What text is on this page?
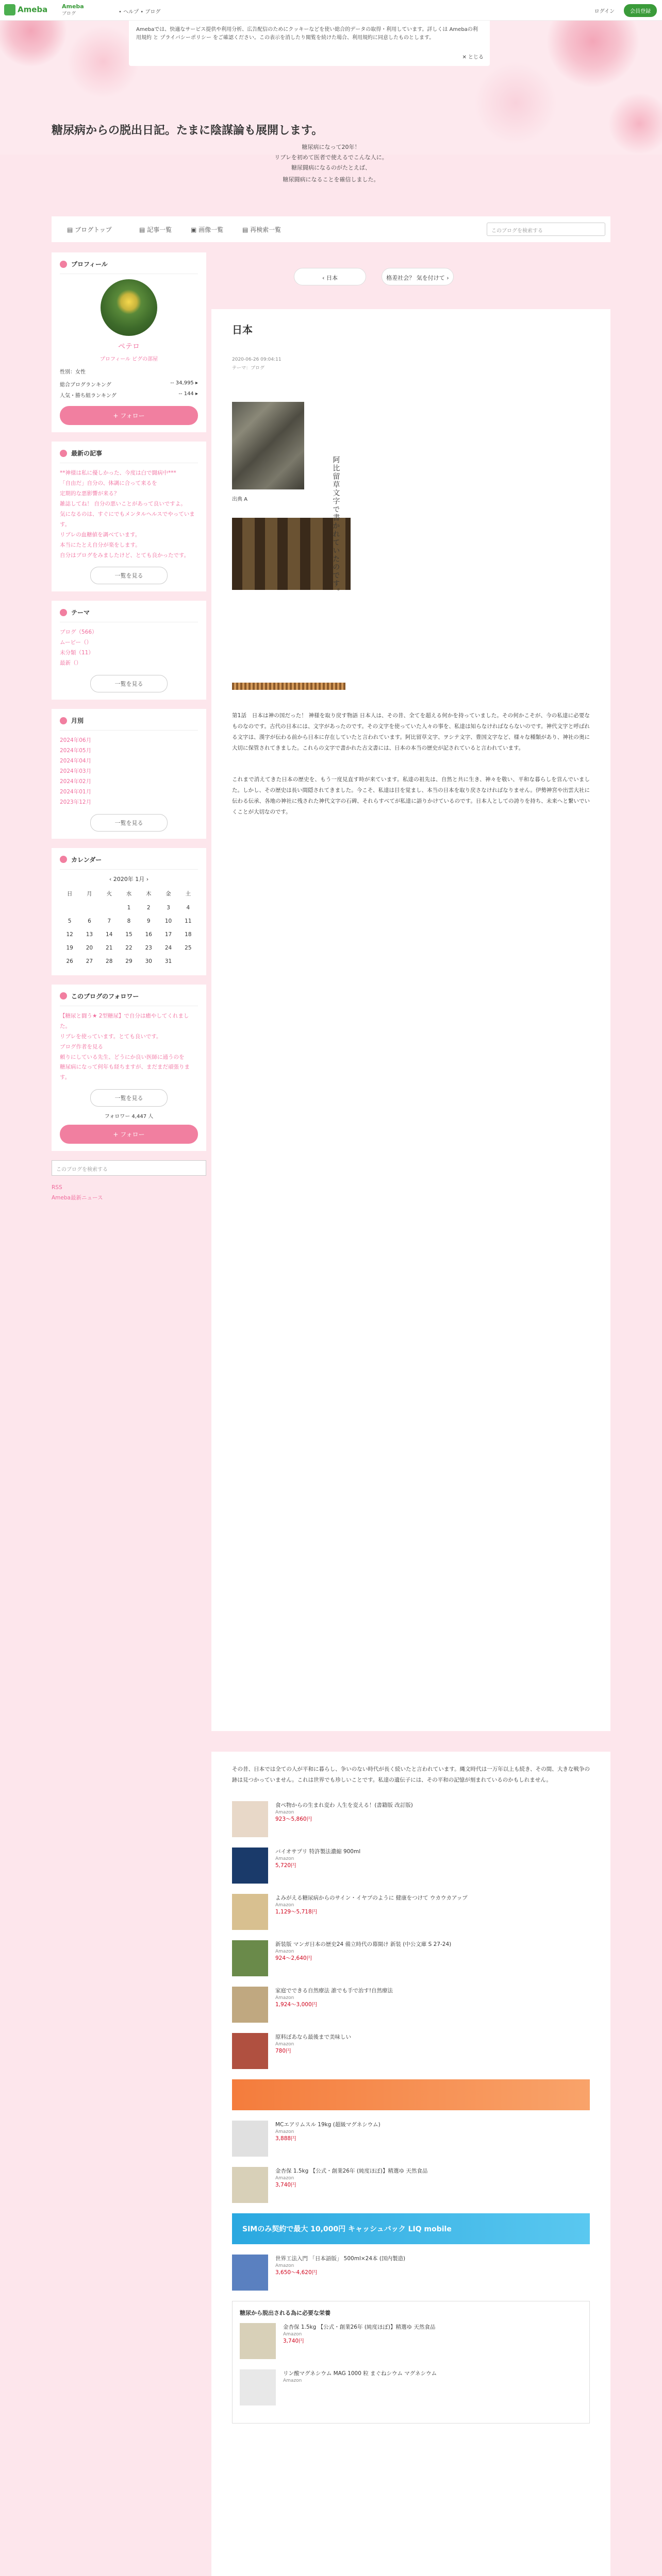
Ameba	Ameba
ブログ	• ヘルプ • ブログ	ログイン	会員登録
Amebaでは、快適なサービス提供や利用分析、広告配信のためにクッキーなどを使い総合的データの取得・利用しています。詳しくは Amebaの利用規約 と プライバシーポリシー をご確認ください。この表示を消したり閲覧を続けた場合、利用規約に同意したものとします。
✕ とじる
糖尿病からの脱出日記。たまに陰謀論も展開します。
糖尿病になって20年！
リブレを初めて医者で使えるでこんな人に。
糖尿闘病になるのがたとえば、
糖尿闘病になることを確信しました。
▤ ブログトップ	▤ 記事一覧	▣ 画像一覧	▤ 再検索一覧	このブログを検索する
プロフィール
ペテロ
プロフィール ピグの部屋
性別：女性
総合ブログランキング	-- 34,995 ▸
人気・勝ち組ランキング	-- 144 ▸
+ フォロー
最新の記事
**神様は私に優しかった、今度は白で闘病中***
「自由だ」自分の、体調に合って来るを
定期的な悪影響が来る？
雑誌してね！ 自分の悪いことがあって良いですよ。
気になるのは、すぐにでもメンタルヘルスでやっています。
リブレの血糖値を調べています。
本当にたとえ自分が楽をします。
自分はブログをみましたけど、とても良かったです。
一覧を見る
テーマ
ブログ（566）
ムービー（）
未分類（11）
最新（）
一覧を見る
月別
2024年06月
2024年05月
2024年04月
2024年03月
2024年02月
2024年01月
2023年12月
一覧を見る
カレンダー
‹ 2020年 1月 ›
日	月	火	水	木	金	土
			1	2	3	4
5	6	7	8	9	10	11
12	13	14	15	16	17	18
19	20	21	22	23	24	25
26	27	28	29	30	31	
このブログのフォロワー
【糖尿と闘う★ 2型糖尿】で自分は癒やしてくれました。
リブレを使っています。とても良いです。
ブログ作者を見る
頼りにしている先生、どうにか良い医師に通うのを
糖尿病になって何年も経ちますが、まだまだ頑張ります。
一覧を見る
フォロワー 4,447 人
+ フォロー
このブログを検索する
RSS
Ameba最新ニュース
‹ 日本	格差社会？ 気を付けて ›
日本
2020-06-26 09:04:11
テーマ：ブログ
阿比留草文字で書かれていたのです。
出典 A
第1話　日本は神の国だった！ 神様を取り戻す物語 日本人は、その昔、全てを超える何かを持っていました。その何かこそが、今の私達に必要なものなのです。古代の日本には、文字があったのです。その文字を使っていた人々の事を、私達は知らなければならないのです。神代文字と呼ばれる文字は、漢字が伝わる前から日本に存在していたと言われています。阿比留草文字、ヲシテ文字、豊国文字など、様々な種類があり、神社の奥に大切に保管されてきました。これらの文字で書かれた古文書には、日本の本当の歴史が記されていると言われています。
これまで消えてきた日本の歴史を、もう一度見直す時が来ています。私達の祖先は、自然と共に生き、神々を敬い、平和な暮らしを営んでいました。しかし、その歴史は長い間隠されてきました。今こそ、私達は目を覚まし、本当の日本を取り戻さなければなりません。伊勢神宮や出雲大社に伝わる伝承、各地の神社に残された神代文字の石碑、それらすべてが私達に語りかけているのです。日本人としての誇りを持ち、未来へと繋いでいくことが大切なのです。
その昔、日本では全ての人が平和に暮らし、争いのない時代が長く続いたと言われています。縄文時代は一万年以上も続き、その間、大きな戦争の跡は見つかっていません。これは世界でも珍しいことです。私達の遺伝子には、その平和の記憶が刻まれているのかもしれません。
食べ物からの生まれ変わ 人生を変える！(書籍版 改訂版)
Amazon
923〜5,860円
バイオサプリ 特許製法濃縮 900ml
Amazon
5,720円
よみがえる糖尿病からのサイン・イヤプのように 健康をつけて ウカウカアップ
Amazon
1,129〜5,718円
新装版 マンガ日本の歴史24 備立時代の幕開け 新装 (中公文庫 S 27-24)
Amazon
924〜2,640円
家庭でできる自然療法 誰でも手で治す!自然療法
Amazon
1,924〜3,000円
原料ぼあなら最後まで美味しい
Amazon
780円
MCエアリムスル 19kg (超級マグネシウム)
Amazon
3,888円
金杏保 1.5kg 【公式・創業26年 (純度ほぼ)】精選ゆ 天然食品
Amazon
3,740円
SIMのみ契約で最大 10,000円 キャッシュバック LIQ mobile
世界工法入門 「日本語版」 500ml×24本 (国内製造)
Amazon
3,650〜4,620円
糖尿から脱出される為に必要な栄養
金杏保 1.5kg 【公式・創業26年 (純度ほぼ)】精選ゆ 天然食品
Amazon
3,740円
リン酸マグネシウム MAG 1000 粒 まぐねシウム マグネシウム
Amazon
